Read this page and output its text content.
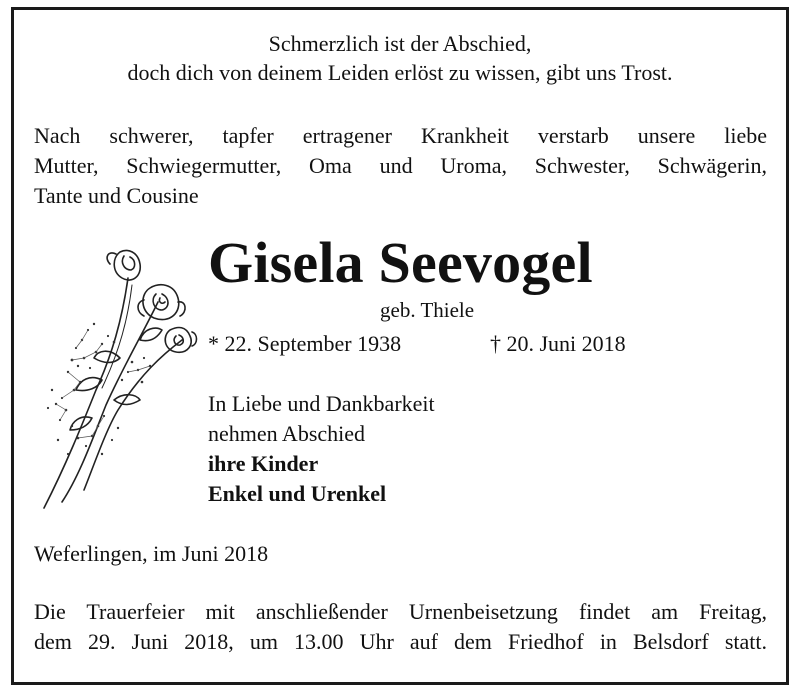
Schmerzlich ist der Abschied,
doch dich von deinem Leiden erlöst zu wissen, gibt uns Trost.
Nach schwerer, tapfer ertragener Krankheit verstarb unsere liebe
Mutter, Schwiegermutter, Oma und Uroma, Schwester, Schwägerin,
Tante und Cousine
Gisela Seevogel
geb. Thiele
* 22. September 1938	† 20. Juni 2018
In Liebe und Dankbarkeit
nehmen Abschied
ihre Kinder
Enkel und Urenkel
Weferlingen, im Juni 2018
Die Trauerfeier mit anschließender Urnenbeisetzung findet am Freitag,
dem 29. Juni 2018, um 13.00 Uhr auf dem Friedhof in Belsdorf statt.
